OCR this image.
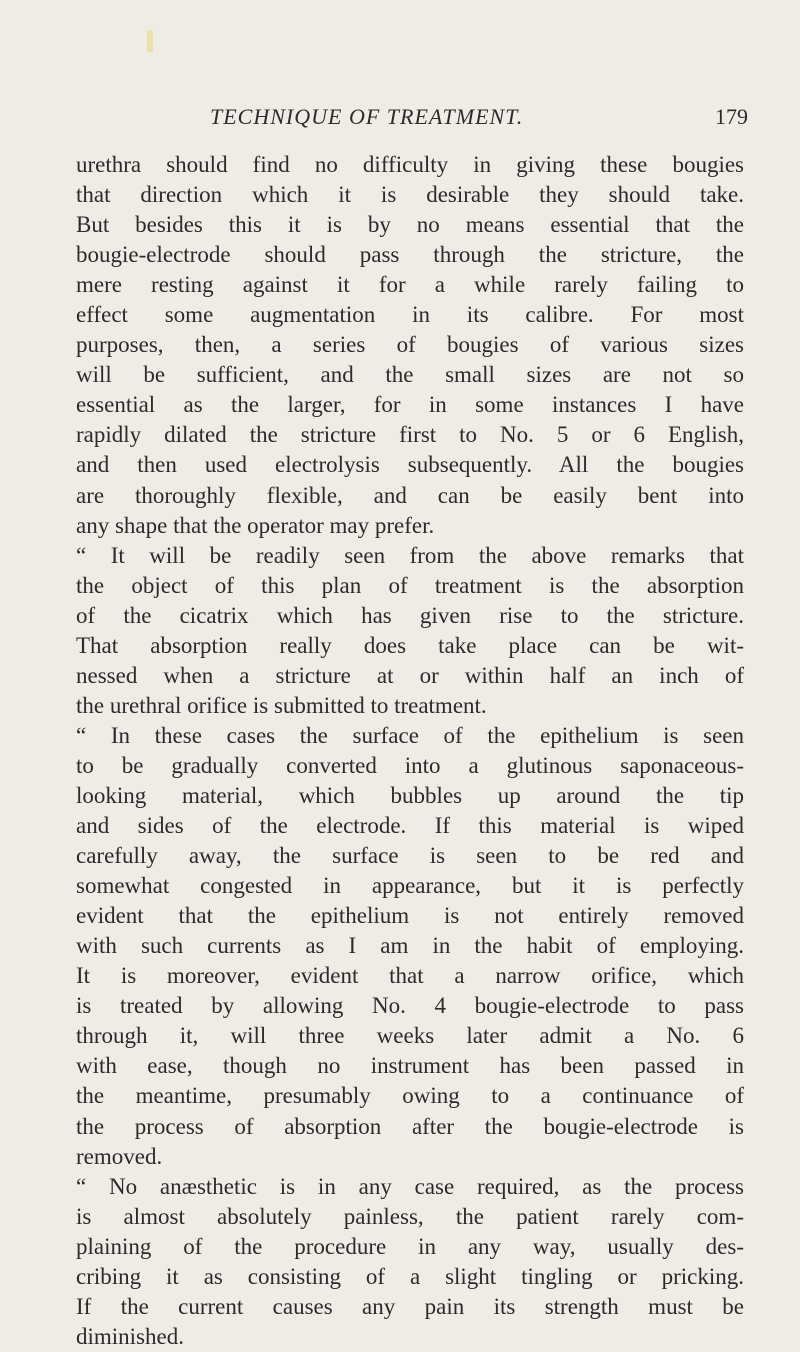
TECHNIQUE OF TREATMENT.	179
urethra should find no difficulty in giving these bougies
that direction which it is desirable they should take.
But besides this it is by no means essential that the
bougie-electrode should pass through the stricture, the
mere resting against it for a while rarely failing to
effect some augmentation in its calibre. For most
purposes, then, a series of bougies of various sizes
will be sufficient, and the small sizes are not so
essential as the larger, for in some instances I have
rapidly dilated the stricture first to No. 5 or 6 English,
and then used electrolysis subsequently. All the bougies
are thoroughly flexible, and can be easily bent into
any shape that the operator may prefer.
“ It will be readily seen from the above remarks that
the object of this plan of treatment is the absorption
of the cicatrix which has given rise to the stricture.
That absorption really does take place can be wit-
nessed when a stricture at or within half an inch of
the urethral orifice is submitted to treatment.
“ In these cases the surface of the epithelium is seen
to be gradually converted into a glutinous saponaceous-
looking material, which bubbles up around the tip
and sides of the electrode. If this material is wiped
carefully away, the surface is seen to be red and
somewhat congested in appearance, but it is perfectly
evident that the epithelium is not entirely removed
with such currents as I am in the habit of employing.
It is moreover, evident that a narrow orifice, which
is treated by allowing No. 4 bougie-electrode to pass
through it, will three weeks later admit a No. 6
with ease, though no instrument has been passed in
the meantime, presumably owing to a continuance of
the process of absorption after the bougie-electrode is
removed.
“ No anæsthetic is in any case required, as the process
is almost absolutely painless, the patient rarely com-
plaining of the procedure in any way, usually des-
cribing it as consisting of a slight tingling or pricking.
If the current causes any pain its strength must be
diminished.
